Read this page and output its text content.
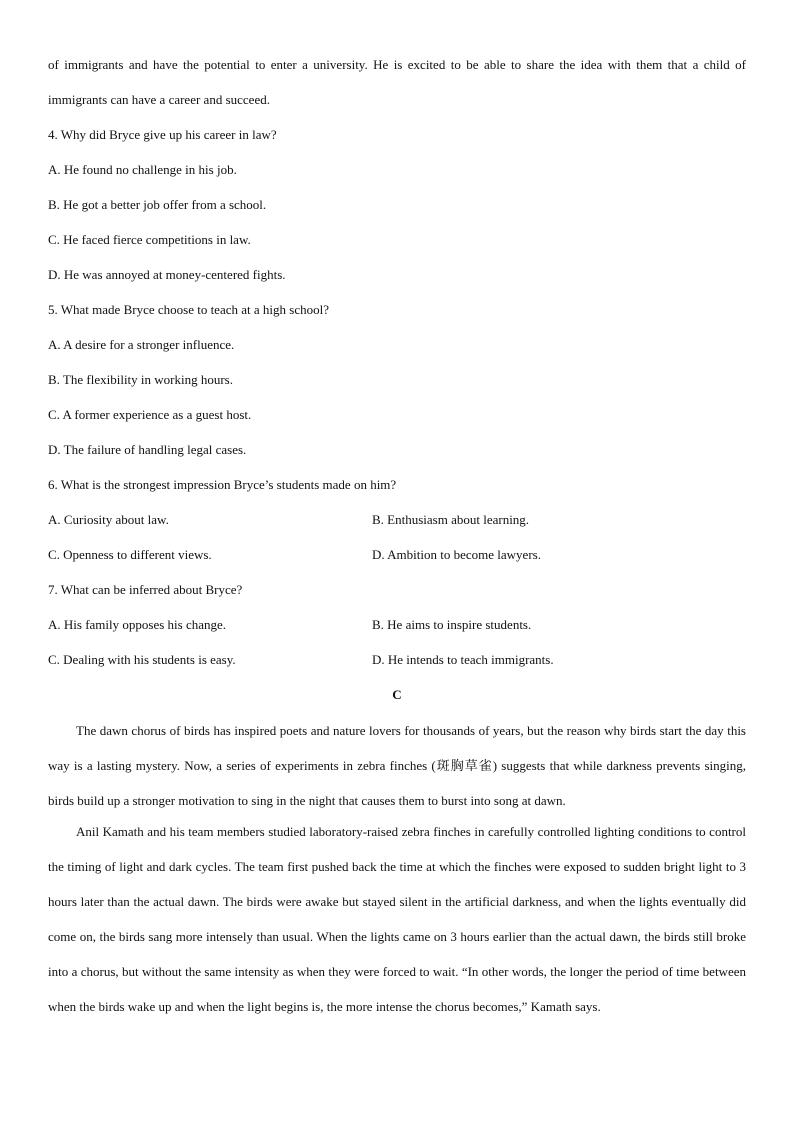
of immigrants and have the potential to enter a university. He is excited to be able to share the idea with them that a child of
immigrants can have a career and succeed.
4. Why did Bryce give up his career in law?
A. He found no challenge in his job.
B. He got a better job offer from a school.
C. He faced fierce competitions in law.
D. He was annoyed at money-centered fights.
5. What made Bryce choose to teach at a high school?
A. A desire for a stronger influence.
B. The flexibility in working hours.
C. A former experience as a guest host.
D. The failure of handling legal cases.
6. What is the strongest impression Bryce’s students made on him?
A. Curiosity about law.	B. Enthusiasm about learning.
C. Openness to different views.	D. Ambition to become lawyers.
7. What can be inferred about Bryce?
A. His family opposes his change.	B. He aims to inspire students.
C. Dealing with his students is easy.	D. He intends to teach immigrants.
C

The dawn chorus of birds has inspired poets and nature lovers for thousands of years, but the reason why birds start the day this way is a lasting mystery. Now, a series of experiments in zebra finches (斑胸草雀) suggests that while darkness prevents singing, birds build up a stronger motivation to sing in the night that causes them to burst into song at dawn.

Anil Kamath and his team members studied laboratory-raised zebra finches in carefully controlled lighting conditions to control the timing of light and dark cycles. The team first pushed back the time at which the finches were exposed to sudden bright light to 3 hours later than the actual dawn. The birds were awake but stayed silent in the artificial darkness, and when the lights eventually did come on, the birds sang more intensely than usual. When the lights came on 3 hours earlier than the actual dawn, the birds still broke into a chorus, but without the same intensity as when they were forced to wait. “In other words, the longer the period of time between when the birds wake up and when the light begins is, the more intense the chorus becomes,” Kamath says.
